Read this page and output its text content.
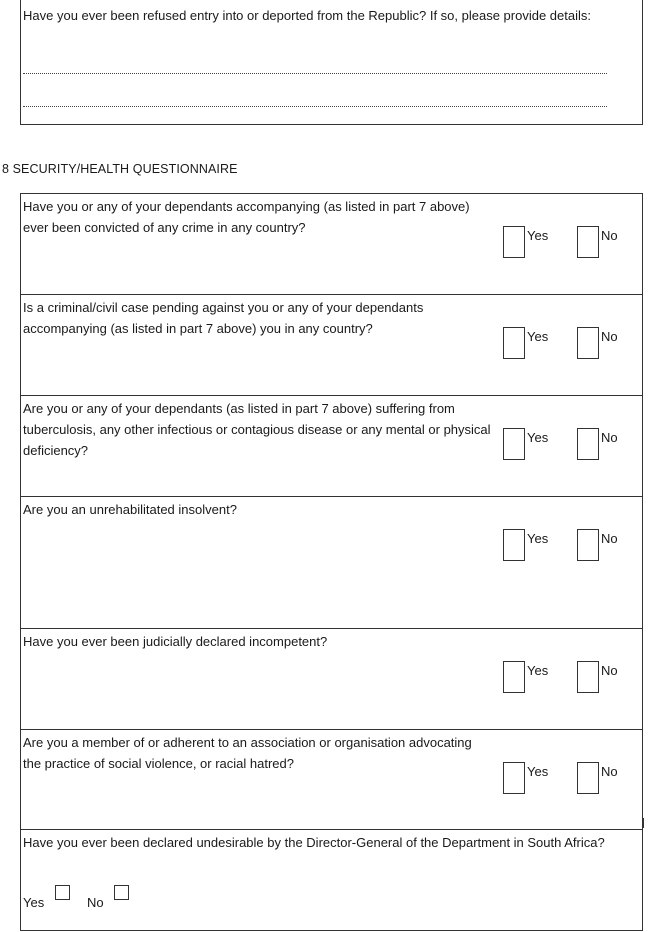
Have you ever been refused entry into or deported from the Republic? If so, please provide details:
8 SECURITY/HEALTH QUESTIONNAIRE
Have you or any of your dependants accompanying (as listed in part 7 above) ever been convicted of any crime in any country?
Yes	No
Is a criminal/civil case pending against you or any of your dependants accompanying (as listed in part 7 above) you in any country?
Yes	No
Are you or any of your dependants (as listed in part 7 above) suffering from tuberculosis, any other infectious or contagious disease or any mental or physical deficiency?
Yes	No
Are you an unrehabilitated insolvent?
Yes	No
Have you ever been judicially declared incompetent?
Yes	No
Are you a member of or adherent to an association or organisation advocating the practice of social violence, or racial hatred?
Yes	No
Have you ever been declared undesirable by the Director-General of the Department in South Africa?
Yes	No
